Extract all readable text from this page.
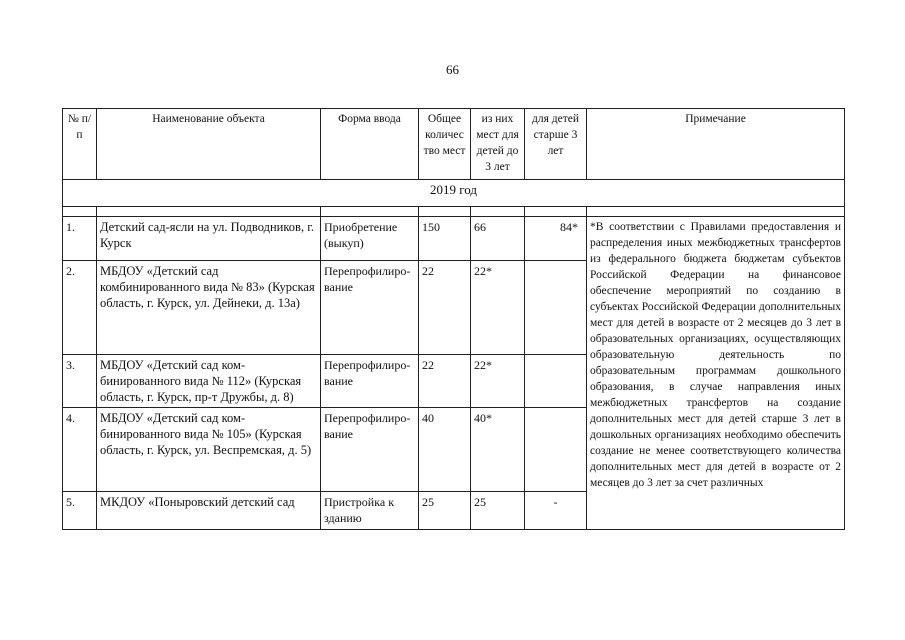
66
№ п/п	Наименование объекта	Форма ввода	Общее количес тво мест	из них мест для детей до 3 лет	для детей старше 3 лет	Примечание
2019 год						

1.	Детский сад-ясли на ул. Подводников, г. Курск	Приобретение (выкуп)	150	66	84*	*В соответствии с Правилами предоставления и распределения иных межбюджетных трансфертов из федерального бюджета бюджетам субъектов Российской Федерации на финансовое обеспечение мероприятий по созданию в субъектах Российской Федерации дополнительных мест для детей в возрасте от 2 месяцев до 3 лет в образовательных организациях, осуществляющих образовательную деятельность по образовательным программам дошкольного образования, в случае направления иных межбюджетных трансфертов на создание дополнительных мест для детей старше 3 лет в дошкольных организациях необходимо обеспечить создание не менее соответствующего количества дополнительных мест для детей в возрасте от 2 месяцев до 3 лет за счет различных

2.	МБДОУ «Детский сад комбинированного вида № 83» (Курская область, г. Курск, ул. Дейнеки, д. 13а)	Перепрофилиро-вание	22	22*		
3.	МБДОУ «Детский сад ком-бинированного вида № 112» (Курская область, г. Курск, пр-т Дружбы, д. 8)	Перепрофилиро-вание	22	22*		
4.	МБДОУ «Детский сад ком-бинированного вида № 105» (Курская область, г. Курск, ул. Веспремская, д. 5)	Перепрофилиро-вание	40	40*		
5.	МКДОУ «Поныровский детский сад	Пристройка к зданию	25	25	-	
